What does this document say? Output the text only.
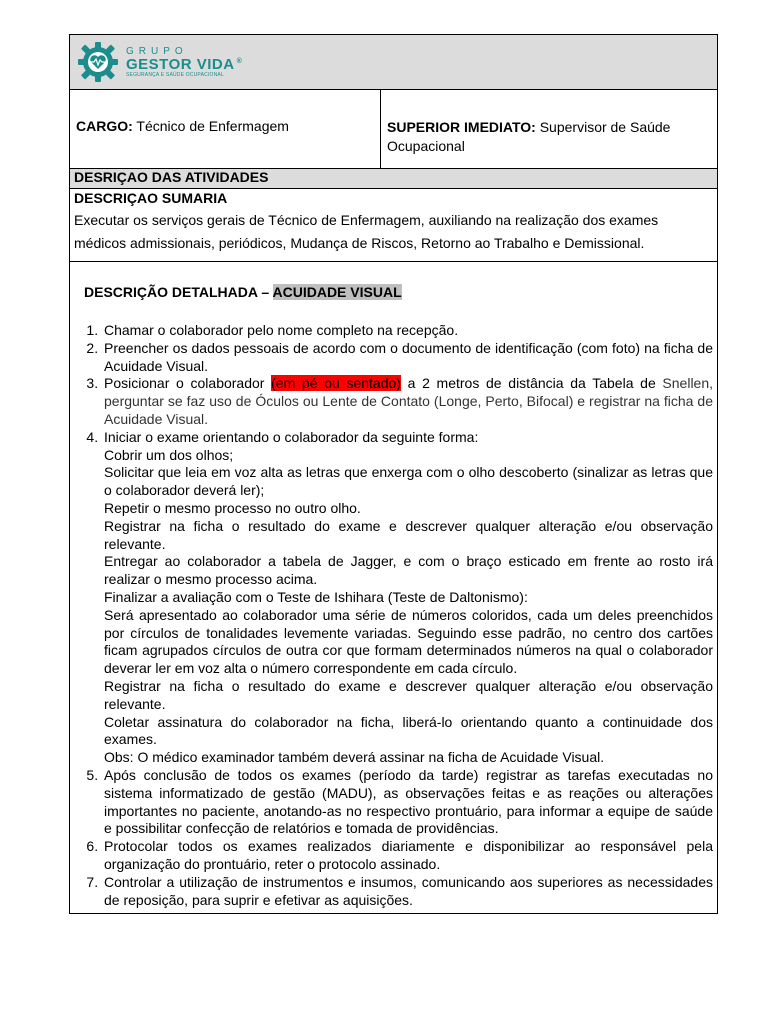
GRUPO
GESTOR VIDA ®
SEGURANÇA E SAÚDE OCUPACIONAL
CARGO: Técnico de Enfermagem	SUPERIOR IMEDIATO: Supervisor de Saúde Ocupacional
DESRIÇAO DAS ATIVIDADES
DESCRIÇAO SUMARIA
Executar os serviços gerais de Técnico de Enfermagem, auxiliando na realização dos exames médicos admissionais, periódicos, Mudança de Riscos, Retorno ao Trabalho e Demissional.
DESCRIÇÃO DETALHADA – ACUIDADE VISUAL
1. Chamar o colaborador pelo nome completo na recepção.
2. Preencher os dados pessoais de acordo com o documento de identificação (com foto) na ficha de Acuidade Visual.
3. Posicionar o colaborador (em pé ou sentado) a 2 metros de distância da Tabela de Snellen, perguntar se faz uso de Óculos ou Lente de Contato (Longe, Perto, Bifocal) e registrar na ficha de Acuidade Visual.
4. Iniciar o exame orientando o colaborador da seguinte forma:
Cobrir um dos olhos;
Solicitar que leia em voz alta as letras que enxerga com o olho descoberto (sinalizar as letras que o colaborador deverá ler);
Repetir o mesmo processo no outro olho.
Registrar na ficha o resultado do exame e descrever qualquer alteração e/ou observação relevante.
Entregar ao colaborador a tabela de Jagger, e com o braço esticado em frente ao rosto irá realizar o mesmo processo acima.
Finalizar a avaliação com o Teste de Ishihara (Teste de Daltonismo):
Será apresentado ao colaborador uma série de números coloridos, cada um deles preenchidos por círculos de tonalidades levemente variadas. Seguindo esse padrão, no centro dos cartões ficam agrupados círculos de outra cor que formam determinados números na qual o colaborador deverar ler em voz alta o número correspondente em cada círculo.
Registrar na ficha o resultado do exame e descrever qualquer alteração e/ou observação relevante.
Coletar assinatura do colaborador na ficha, liberá-lo orientando quanto a continuidade dos exames.
Obs: O médico examinador também deverá assinar na ficha de Acuidade Visual.
5. Após conclusão de todos os exames (período da tarde) registrar as tarefas executadas no sistema informatizado de gestão (MADU), as observações feitas e as reações ou alterações importantes no paciente, anotando-as no respectivo prontuário, para informar a equipe de saúde e possibilitar confecção de relatórios e tomada de providências.
6. Protocolar todos os exames realizados diariamente e disponibilizar ao responsável pela organização do prontuário, reter o protocolo assinado.
7. Controlar a utilização de instrumentos e insumos, comunicando aos superiores as necessidades de reposição, para suprir e efetivar as aquisições.
